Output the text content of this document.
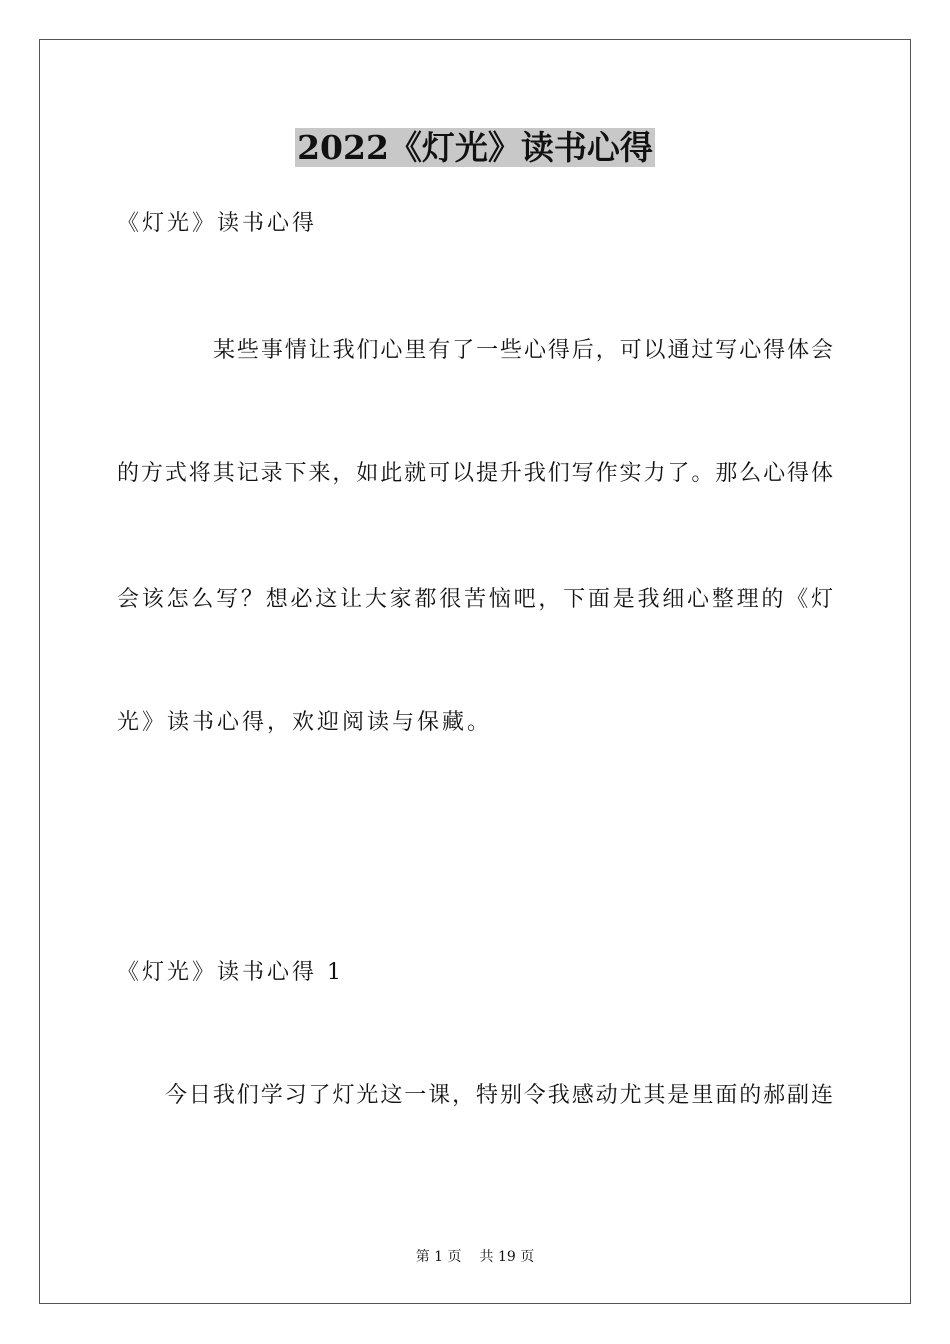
2022《灯光》读书心得
《灯光》读书心得
某些事情让我们心里有了一些心得后，可以通过写心得体会
的方式将其记录下来，如此就可以提升我们写作实力了。那么心得体
会该怎么写？想必这让大家都很苦恼吧，下面是我细心整理的《灯
光》读书心得，欢迎阅读与保藏。
《灯光》读书心得 1
今日我们学习了灯光这一课，特别令我感动尤其是里面的郝副连
第 1 页 共 19 页
